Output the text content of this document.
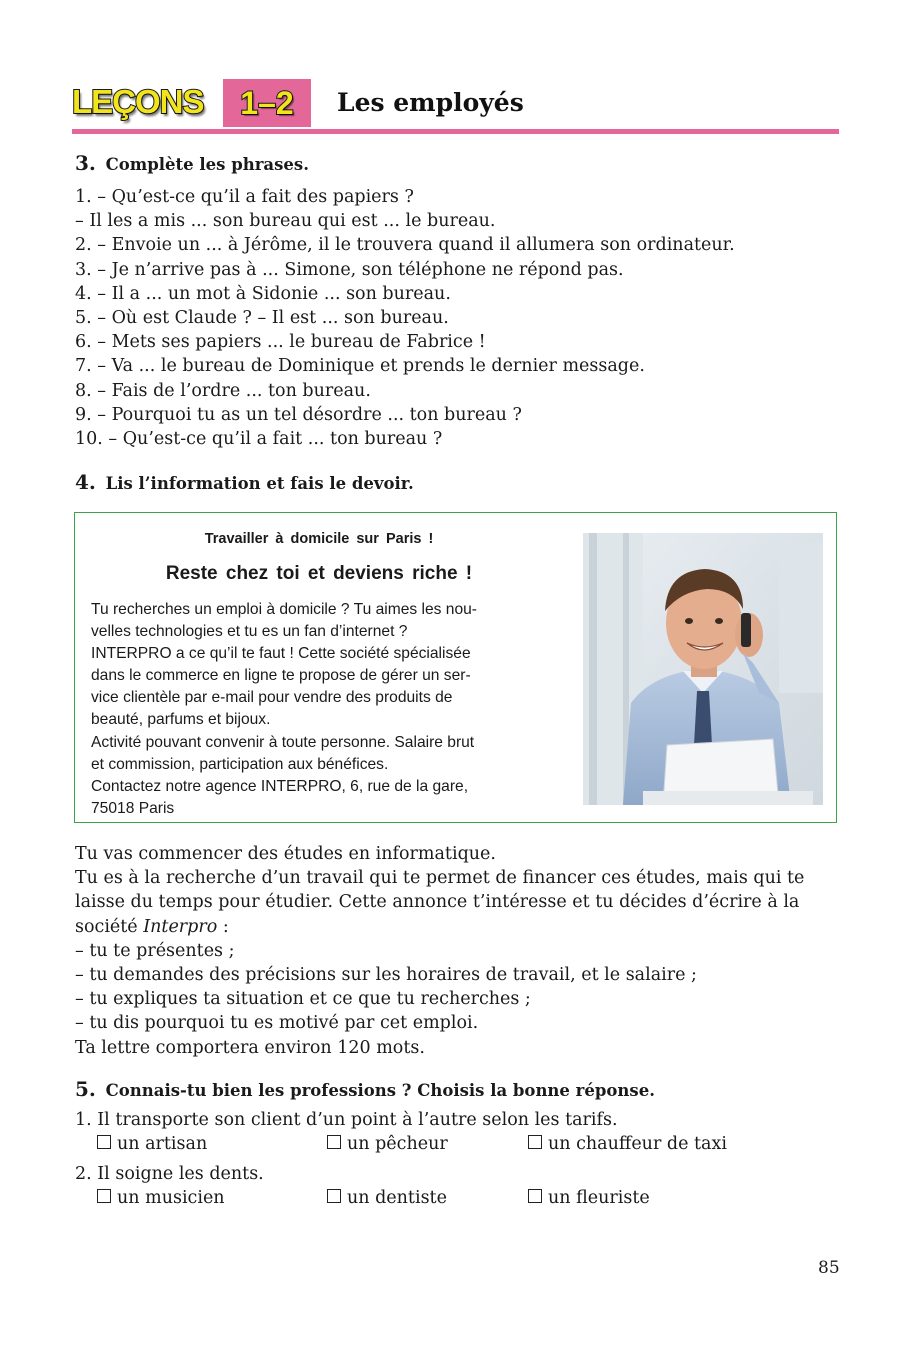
LEÇONS	1–2	Les employés
3. Complète les phrases.
1. – Qu’est-ce qu’il a fait des papiers ?
– Il les a mis ... son bureau qui est ... le bureau.
2. – Envoie un ... à Jérôme, il le trouvera quand il allumera son ordinateur.
3. – Je n’arrive pas à ... Simone, son téléphone ne répond pas.
4. – Il a ... un mot à Sidonie ... son bureau.
5. – Où est Claude ? – Il est ... son bureau.
6. – Mets ses papiers ... le bureau de Fabrice !
7. – Va ... le bureau de Dominique et prends le dernier message.
8. – Fais de l’ordre ... ton bureau.
9. – Pourquoi tu as un tel désordre ... ton bureau ?
10. – Qu’est-ce qu’il a fait ... ton bureau ?
4. Lis l’information et fais le devoir.
Travailler à domicile sur Paris !
Reste chez toi et deviens riche !
Tu recherches un emploi à domicile ? Tu aimes les nou-
velles technologies et tu es un fan d’internet ?
INTERPRO a ce qu’il te faut ! Cette société spécialisée
dans le commerce en ligne te propose de gérer un ser-
vice clientèle par e-mail pour vendre des produits de
beauté, parfums et bijoux.
Activité pouvant convenir à toute personne. Salaire brut
et commission, participation aux bénéfices.
Contactez notre agence INTERPRO, 6, rue de la gare,
75018 Paris
Tu vas commencer des études en informatique.
Tu es à la recherche d’un travail qui te permet de financer ces études, mais qui te
laisse du temps pour étudier. Cette annonce t’intéresse et tu décides d’écrire à la
société Interpro :
– tu te présentes ;
– tu demandes des précisions sur les horaires de travail, et le salaire ;
– tu expliques ta situation et ce que tu recherches ;
– tu dis pourquoi tu es motivé par cet emploi.
Ta lettre comportera environ 120 mots.
5. Connais-tu bien les professions ? Choisis la bonne réponse.
1. Il transporte son client d’un point à l’autre selon les tarifs.
un artisan	un pêcheur	un chauffeur de taxi
2. Il soigne les dents.
un musicien	un dentiste	un fleuriste
85
